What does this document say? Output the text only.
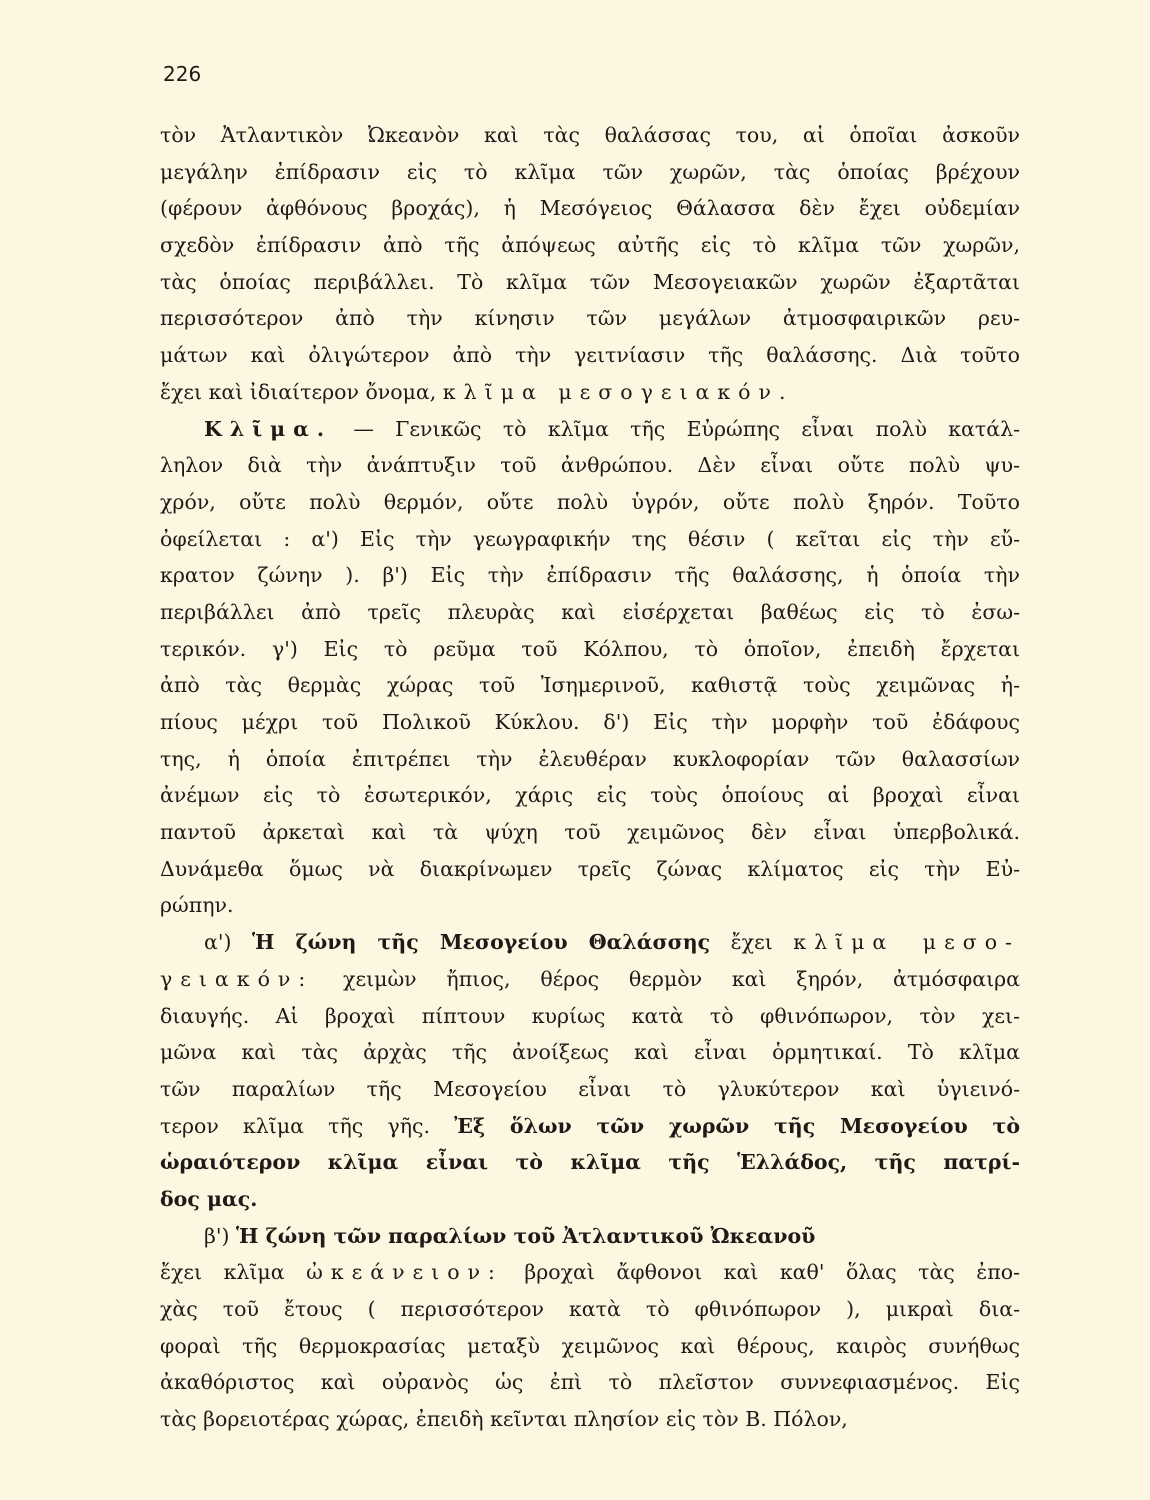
226
τὸν Ἀτλαντικὸν Ὠκεανὸν καὶ τὰς θαλάσσας του, αἱ ὁποῖαι ἀσκοῦν
μεγάλην ἐπίδρασιν εἰς τὸ κλῖμα τῶν χωρῶν, τὰς ὁποίας βρέχουν
(φέρουν ἀφθόνους βροχάς), ἡ Μεσόγειος Θάλασσα δὲν ἔχει οὐδεμίαν
σχεδὸν ἐπίδρασιν ἀπὸ τῆς ἀπόψεως αὐτῆς εἰς τὸ κλῖμα τῶν χωρῶν,
τὰς ὁποίας περιβάλλει. Τὸ κλῖμα τῶν Μεσογειακῶν χωρῶν ἐξαρτᾶται
περισσότερον ἀπὸ τὴν κίνησιν τῶν μεγάλων ἀτμοσφαιρικῶν ρευ-
μάτων καὶ ὀλιγώτερον ἀπὸ τὴν γειτνίασιν τῆς θαλάσσης. Διὰ τοῦτο
ἔχει καὶ ἰδιαίτερον ὄνομα, κλῖμα μεσογειακόν.
Κλῖμα. — Γενικῶς τὸ κλῖμα τῆς Εὐρώπης εἶναι πολὺ κατάλ-
ληλον διὰ τὴν ἀνάπτυξιν τοῦ ἀνθρώπου. Δὲν εἶναι οὔτε πολὺ ψυ-
χρόν, οὔτε πολὺ θερμόν, οὔτε πολὺ ὑγρόν, οὔτε πολὺ ξηρόν. Τοῦτο
ὀφείλεται : α') Εἰς τὴν γεωγραφικήν της θέσιν ( κεῖται εἰς τὴν εὔ-
κρατον ζώνην ). β') Εἰς τὴν ἐπίδρασιν τῆς θαλάσσης, ἡ ὁποία τὴν
περιβάλλει ἀπὸ τρεῖς πλευρὰς καὶ εἰσέρχεται βαθέως εἰς τὸ ἐσω-
τερικόν. γ') Εἰς τὸ ρεῦμα τοῦ Κόλπου, τὸ ὁποῖον, ἐπειδὴ ἔρχεται
ἀπὸ τὰς θερμὰς χώρας τοῦ Ἰσημερινοῦ, καθιστᾷ τοὺς χειμῶνας ἠ-
πίους μέχρι τοῦ Πολικοῦ Κύκλου. δ') Εἰς τὴν μορφὴν τοῦ ἐδάφους
της, ἡ ὁποία ἐπιτρέπει τὴν ἐλευθέραν κυκλοφορίαν τῶν θαλασσίων
ἀνέμων εἰς τὸ ἐσωτερικόν, χάρις εἰς τοὺς ὁποίους αἱ βροχαὶ εἶναι
παντοῦ ἀρκεταὶ καὶ τὰ ψύχη τοῦ χειμῶνος δὲν εἶναι ὑπερβολικά.
Δυνάμεθα ὅμως νὰ διακρίνωμεν τρεῖς ζώνας κλίματος εἰς τὴν Εὐ-
ρώπην.
α') Ἡ ζώνη τῆς Μεσογείου Θαλάσσης ἔχει κλῖμα μεσο-
γειακόν: χειμὼν ἤπιος, θέρος θερμὸν καὶ ξηρόν, ἀτμόσφαιρα
διαυγής. Αἱ βροχαὶ πίπτουν κυρίως κατὰ τὸ φθινόπωρον, τὸν χει-
μῶνα καὶ τὰς ἀρχὰς τῆς ἀνοίξεως καὶ εἶναι ὁρμητικαί. Τὸ κλῖμα
τῶν παραλίων τῆς Μεσογείου εἶναι τὸ γλυκύτερον καὶ ὑγιεινό-
τερον κλῖμα τῆς γῆς. Ἐξ ὅλων τῶν χωρῶν τῆς Μεσογείου τὸ
ὡραιότερον κλῖμα εἶναι τὸ κλῖμα τῆς Ἑλλάδος, τῆς πατρί-
δος μας.
β') Ἡ ζώνη τῶν παραλίων τοῦ Ἀτλαντικοῦ Ὠκεανοῦ
ἔχει κλῖμα ὠκεάνειον: βροχαὶ ἄφθονοι καὶ καθ' ὅλας τὰς ἐπο-
χὰς τοῦ ἔτους ( περισσότερον κατὰ τὸ φθινόπωρον ), μικραὶ δια-
φοραὶ τῆς θερμοκρασίας μεταξὺ χειμῶνος καὶ θέρους, καιρὸς συνήθως
ἀκαθόριστος καὶ οὐρανὸς ὡς ἐπὶ τὸ πλεῖστον συννεφιασμένος. Εἰς
τὰς βορειοτέρας χώρας, ἐπειδὴ κεῖνται πλησίον εἰς τὸν Β. Πόλον,
